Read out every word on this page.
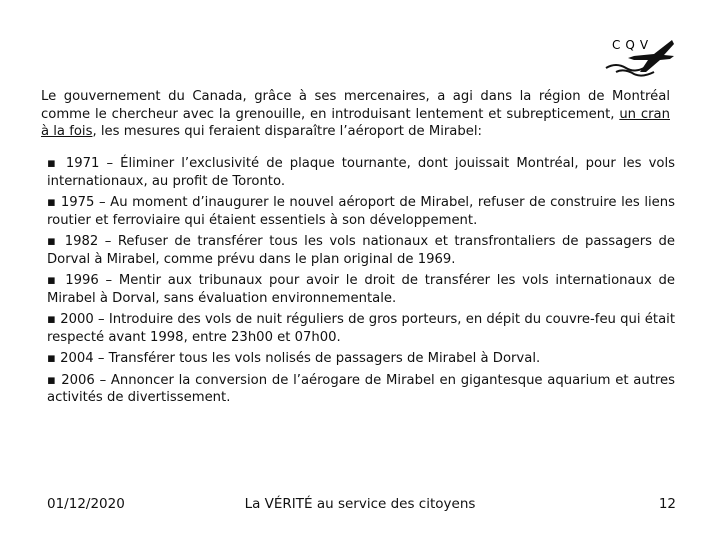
CQV
Le gouvernement du Canada, grâce à ses mercenaires, a agi dans la région de Montréal comme le chercheur avec la grenouille, en introduisant lentement et subrepticement, un cran à la fois, les mesures qui feraient disparaître l’aéroport de Mirabel:
▪ 1971 – Éliminer l’exclusivité de plaque tournante, dont jouissait Montréal, pour les vols internationaux, au profit de Toronto.
▪ 1975 – Au moment d’inaugurer le nouvel aéroport de Mirabel, refuser de construire les liens routier et ferroviaire qui étaient essentiels à son développement.
▪ 1982 – Refuser de transférer tous les vols nationaux et transfrontaliers de passagers de Dorval à Mirabel, comme prévu dans le plan original de 1969.
▪ 1996 – Mentir aux tribunaux pour avoir le droit de transférer les vols internationaux de Mirabel à Dorval, sans évaluation environnementale.
▪ 2000 – Introduire des vols de nuit réguliers de gros porteurs, en dépit du couvre-feu qui était respecté avant 1998, entre 23h00 et 07h00.
▪ 2004 – Transférer tous les vols nolisés de passagers de Mirabel à Dorval.
▪ 2006 – Annoncer la conversion de l’aérogare de Mirabel en gigantesque aquarium et autres activités de divertissement.
01/12/2020	La VÉRITÉ au service des citoyens	12
